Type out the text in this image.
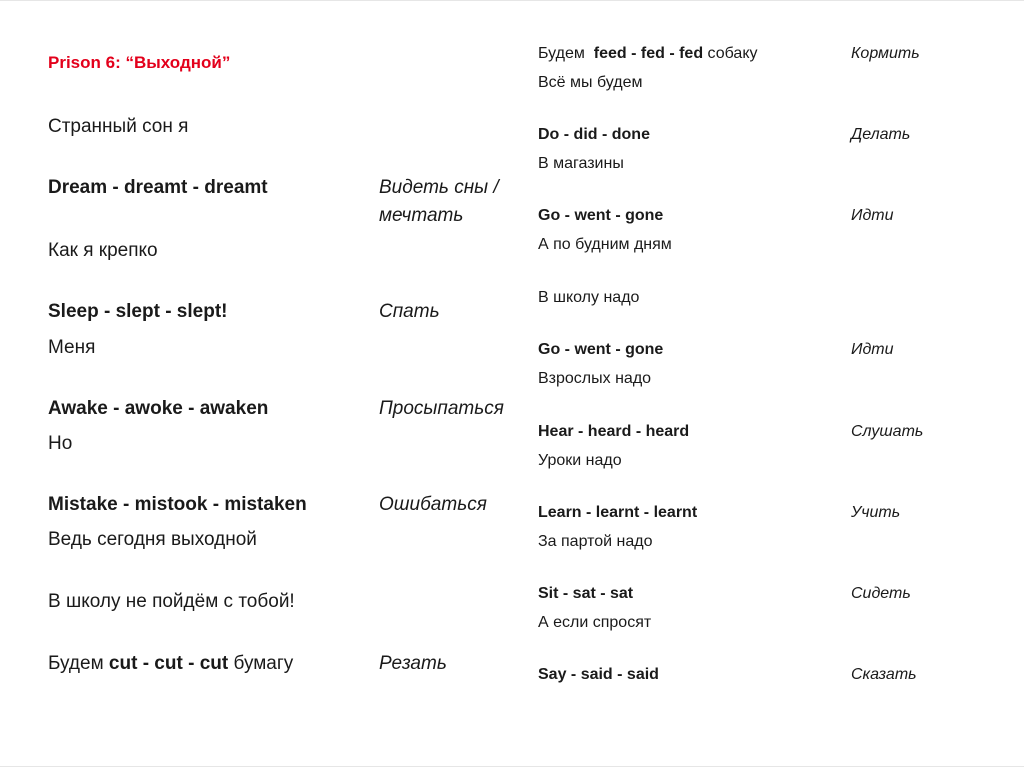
Prison 6: “Выходной”
Странный сон я
Dream - dreamt - dreamt	Видеть сны /
мечтать
Как я крепко
Sleep - slept - slept!	Спать
Меня
Awake - awoke - awaken	Просыпаться
Но
Mistake - mistook - mistaken	Ошибаться
Ведь сегодня выходной
В школу не пойдём с тобой!
Будем cut - cut - cut бумагу	Резать
Будем  feed - fed - fed собаку	Кормить
Всё мы будем
Do - did - done	Делать
В магазины
Go - went - gone	Идти
А по будним дням
В школу надо
Go - went - gone	Идти
Взрослых надо
Hear - heard - heard	Слушать
Уроки надо
Learn - learnt - learnt	Учить
За партой надо
Sit - sat - sat	Сидеть
А если спросят
Say - said - said	Сказать
